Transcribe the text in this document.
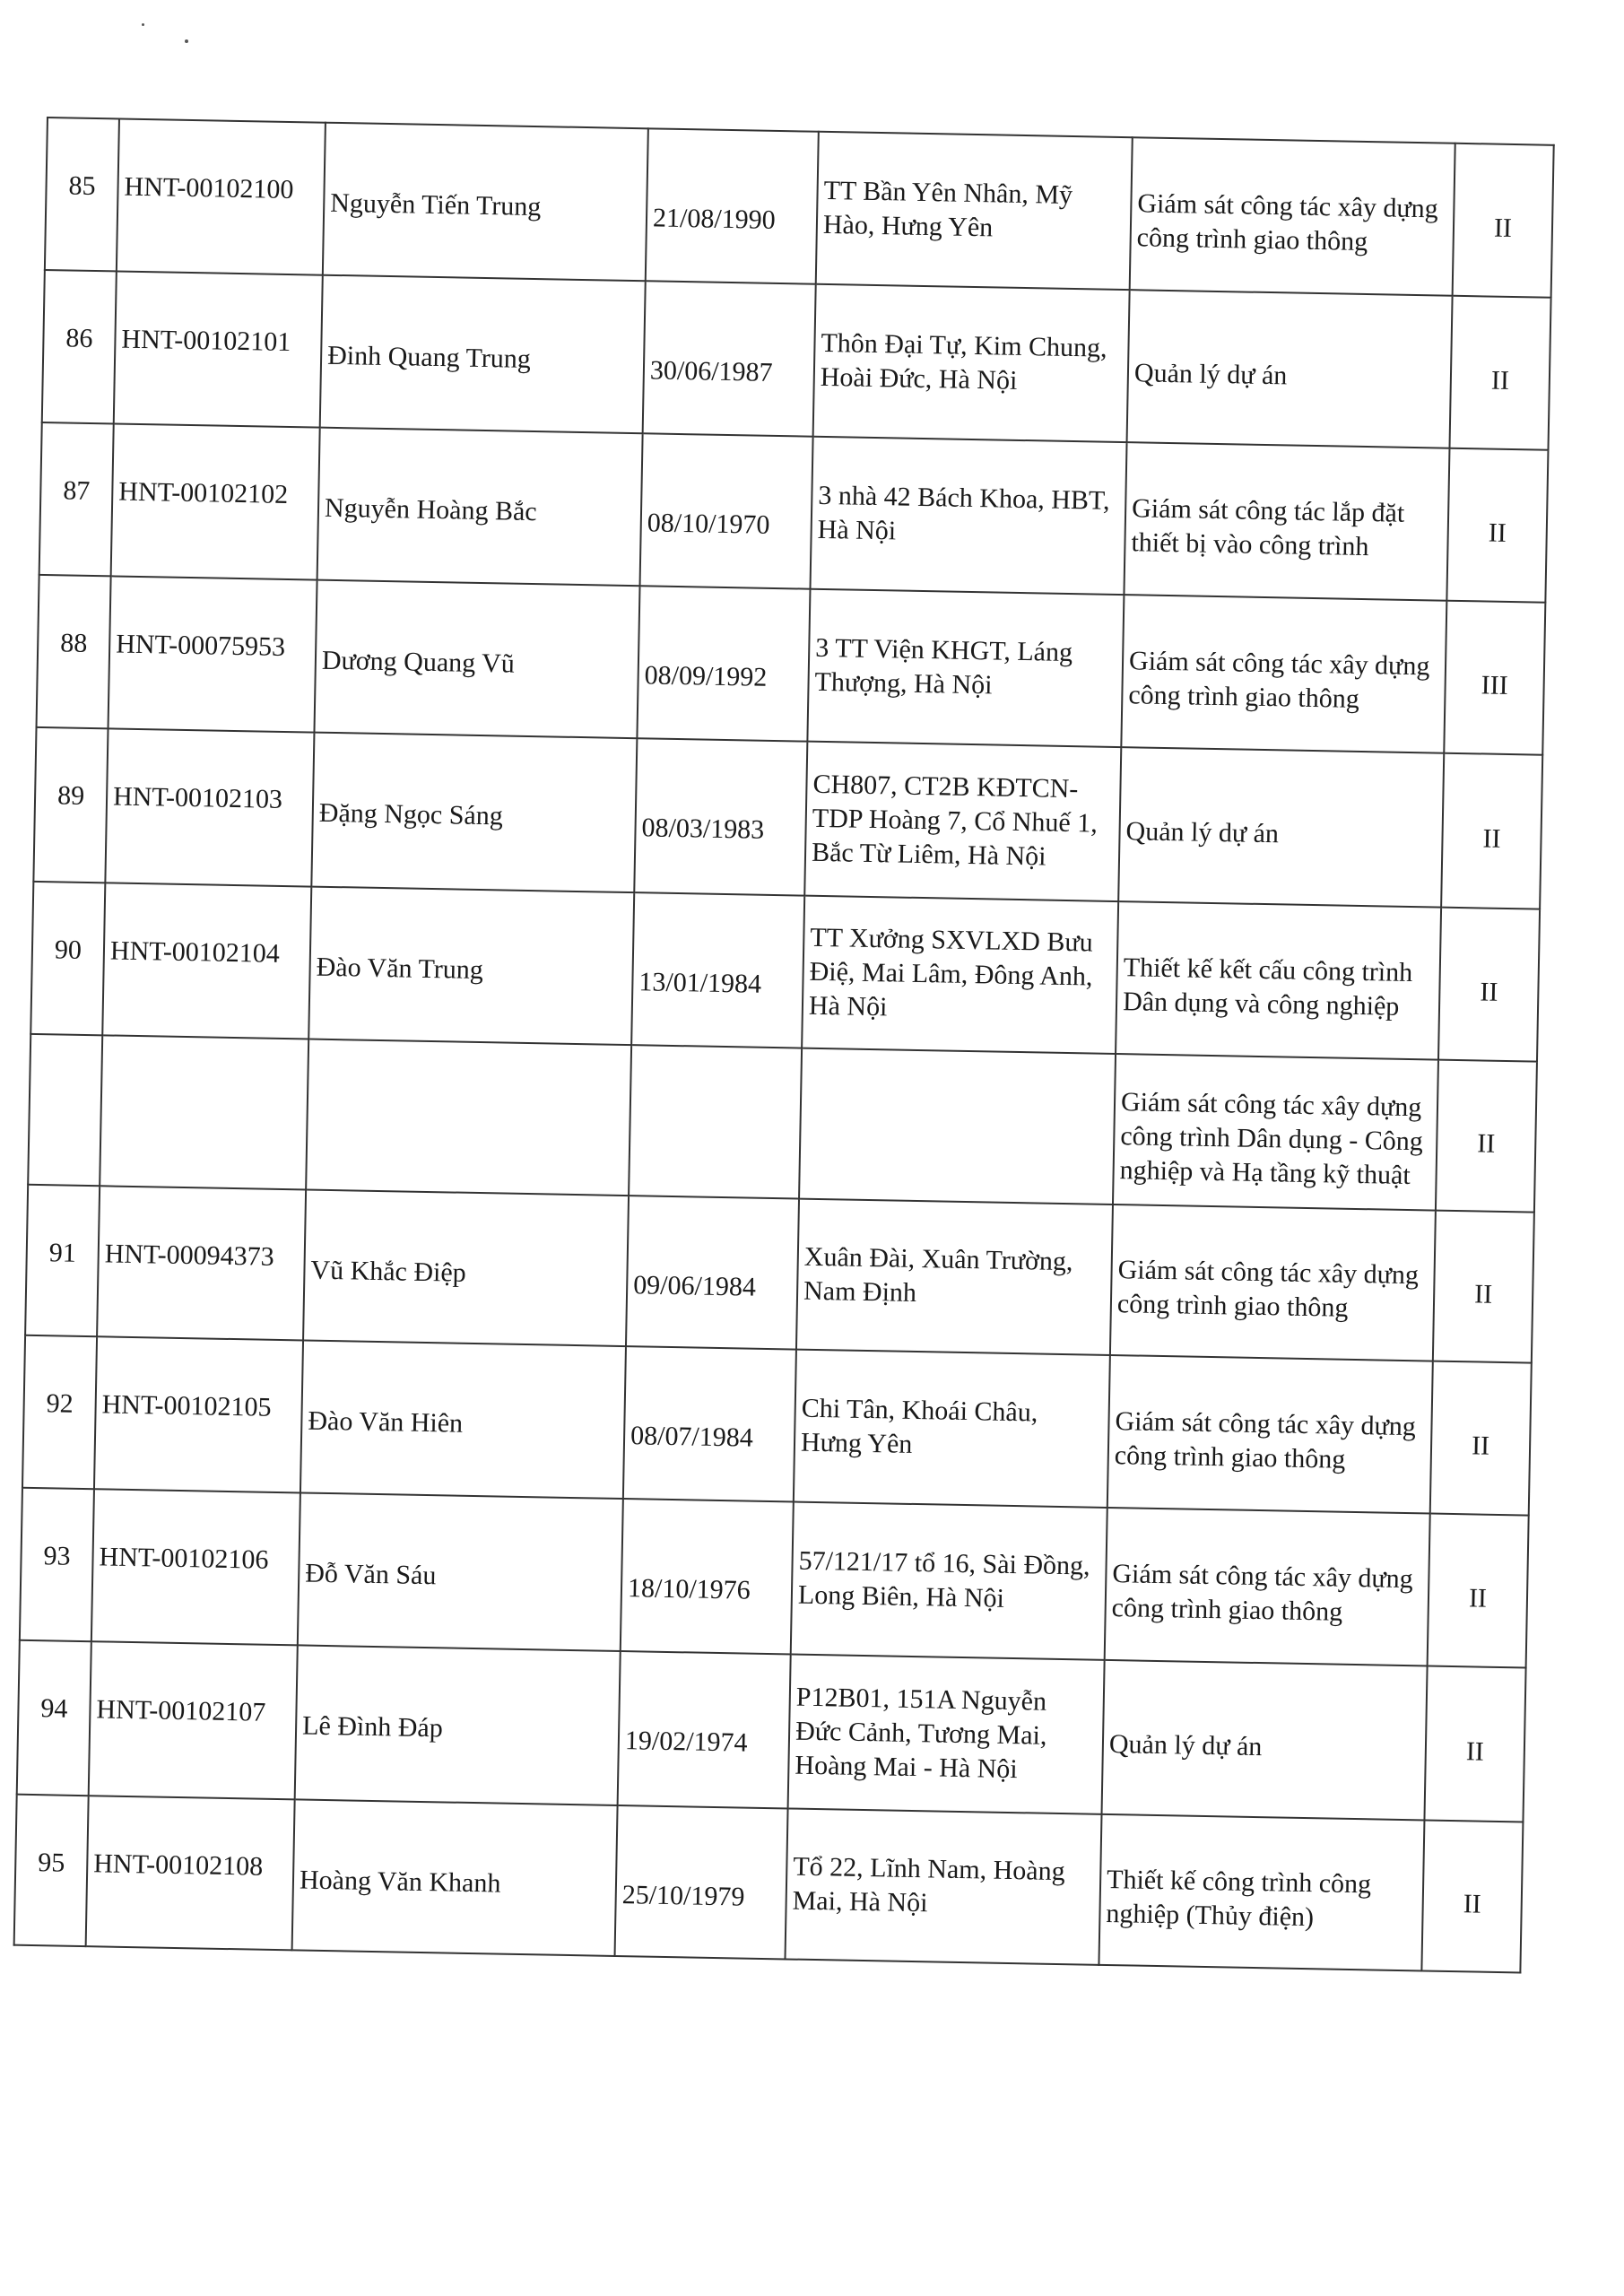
85	HNT-00102100	Nguyễn Tiến Trung	21/08/1990	TT Bần Yên Nhân, Mỹ Hào, Hưng Yên	Giám sát công tác xây dựng công trình giao thông	II
86	HNT-00102101	Đinh Quang Trung	30/06/1987	Thôn Đại Tự, Kim Chung, Hoài Đức, Hà Nội	Quản lý dự án	II
87	HNT-00102102	Nguyễn Hoàng Bắc	08/10/1970	3 nhà 42 Bách Khoa, HBT, Hà Nội	Giám sát công tác lắp đặt thiết bị vào công trình	II
88	HNT-00075953	Dương Quang Vũ	08/09/1992	3 TT Viện KHGT, Láng Thượng, Hà Nội	Giám sát công tác xây dựng công trình giao thông	III
89	HNT-00102103	Đặng Ngọc Sáng	08/03/1983	CH807, CT2B KĐTCN-TDP Hoàng 7, Cổ Nhuế 1, Bắc Từ Liêm, Hà Nội	Quản lý dự án	II
90	HNT-00102104	Đào Văn Trung	13/01/1984	TT Xưởng SXVLXD Bưu Điệ, Mai Lâm, Đông Anh, Hà Nội	Thiết kế kết cấu công trình Dân dụng và công nghiệp	II
					Giám sát công tác xây dựng công trình Dân dụng - Công nghiệp và Hạ tầng kỹ thuật	II
91	HNT-00094373	Vũ Khắc Điệp	09/06/1984	Xuân Đài, Xuân Trường, Nam Định	Giám sát công tác xây dựng công trình giao thông	II
92	HNT-00102105	Đào Văn Hiên	08/07/1984	Chi Tân, Khoái Châu, Hưng Yên	Giám sát công tác xây dựng công trình giao thông	II
93	HNT-00102106	Đỗ Văn Sáu	18/10/1976	57/121/17 tổ 16, Sài Đồng, Long Biên, Hà Nội	Giám sát công tác xây dựng công trình giao thông	II
94	HNT-00102107	Lê Đình Đáp	19/02/1974	P12B01, 151A Nguyễn Đức Cảnh, Tương Mai, Hoàng Mai - Hà Nội	Quản lý dự án	II
95	HNT-00102108	Hoàng Văn Khanh	25/10/1979	Tổ 22, Lĩnh Nam, Hoàng Mai, Hà Nội	Thiết kế công trình công nghiệp (Thủy điện)	II
